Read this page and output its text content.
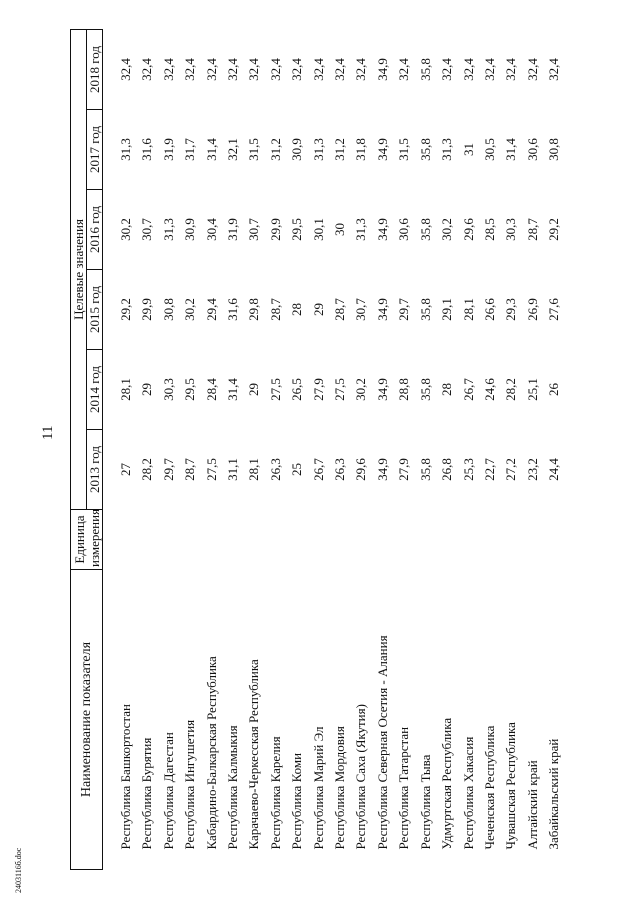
11
Наименование показателя	Единица измерения	Целевые значения					
		2013 год	2014 год	2015 год	2016 год	2017 год	2018 год

Республика Башкортостан		27	28,1	29,2	30,2	31,3	32,4
Республика Бурятия		28,2	29	29,9	30,7	31,6	32,4
Республика Дагестан		29,7	30,3	30,8	31,3	31,9	32,4
Республика Ингушетия		28,7	29,5	30,2	30,9	31,7	32,4
Кабардино-Балкарская Республика		27,5	28,4	29,4	30,4	31,4	32,4
Республика Калмыкия		31,1	31,4	31,6	31,9	32,1	32,4
Карачаево-Черкесская Республика		28,1	29	29,8	30,7	31,5	32,4
Республика Карелия		26,3	27,5	28,7	29,9	31,2	32,4
Республика Коми		25	26,5	28	29,5	30,9	32,4
Республика Марий Эл		26,7	27,9	29	30,1	31,3	32,4
Республика Мордовия		26,3	27,5	28,7	30	31,2	32,4
Республика Саха (Якутия)		29,6	30,2	30,7	31,3	31,8	32,4
Республика Северная Осетия - Алания		34,9	34,9	34,9	34,9	34,9	34,9
Республика Татарстан		27,9	28,8	29,7	30,6	31,5	32,4
Республика Тыва		35,8	35,8	35,8	35,8	35,8	35,8
Удмуртская Республика		26,8	28	29,1	30,2	31,3	32,4
Республика Хакасия		25,3	26,7	28,1	29,6	31	32,4
Чеченская Республика		22,7	24,6	26,6	28,5	30,5	32,4
Чувашская Республика		27,2	28,2	29,3	30,3	31,4	32,4
Алтайский край		23,2	25,1	26,9	28,7	30,6	32,4
Забайкальский край		24,4	26	27,6	29,2	30,8	32,4
2403116б.doc
